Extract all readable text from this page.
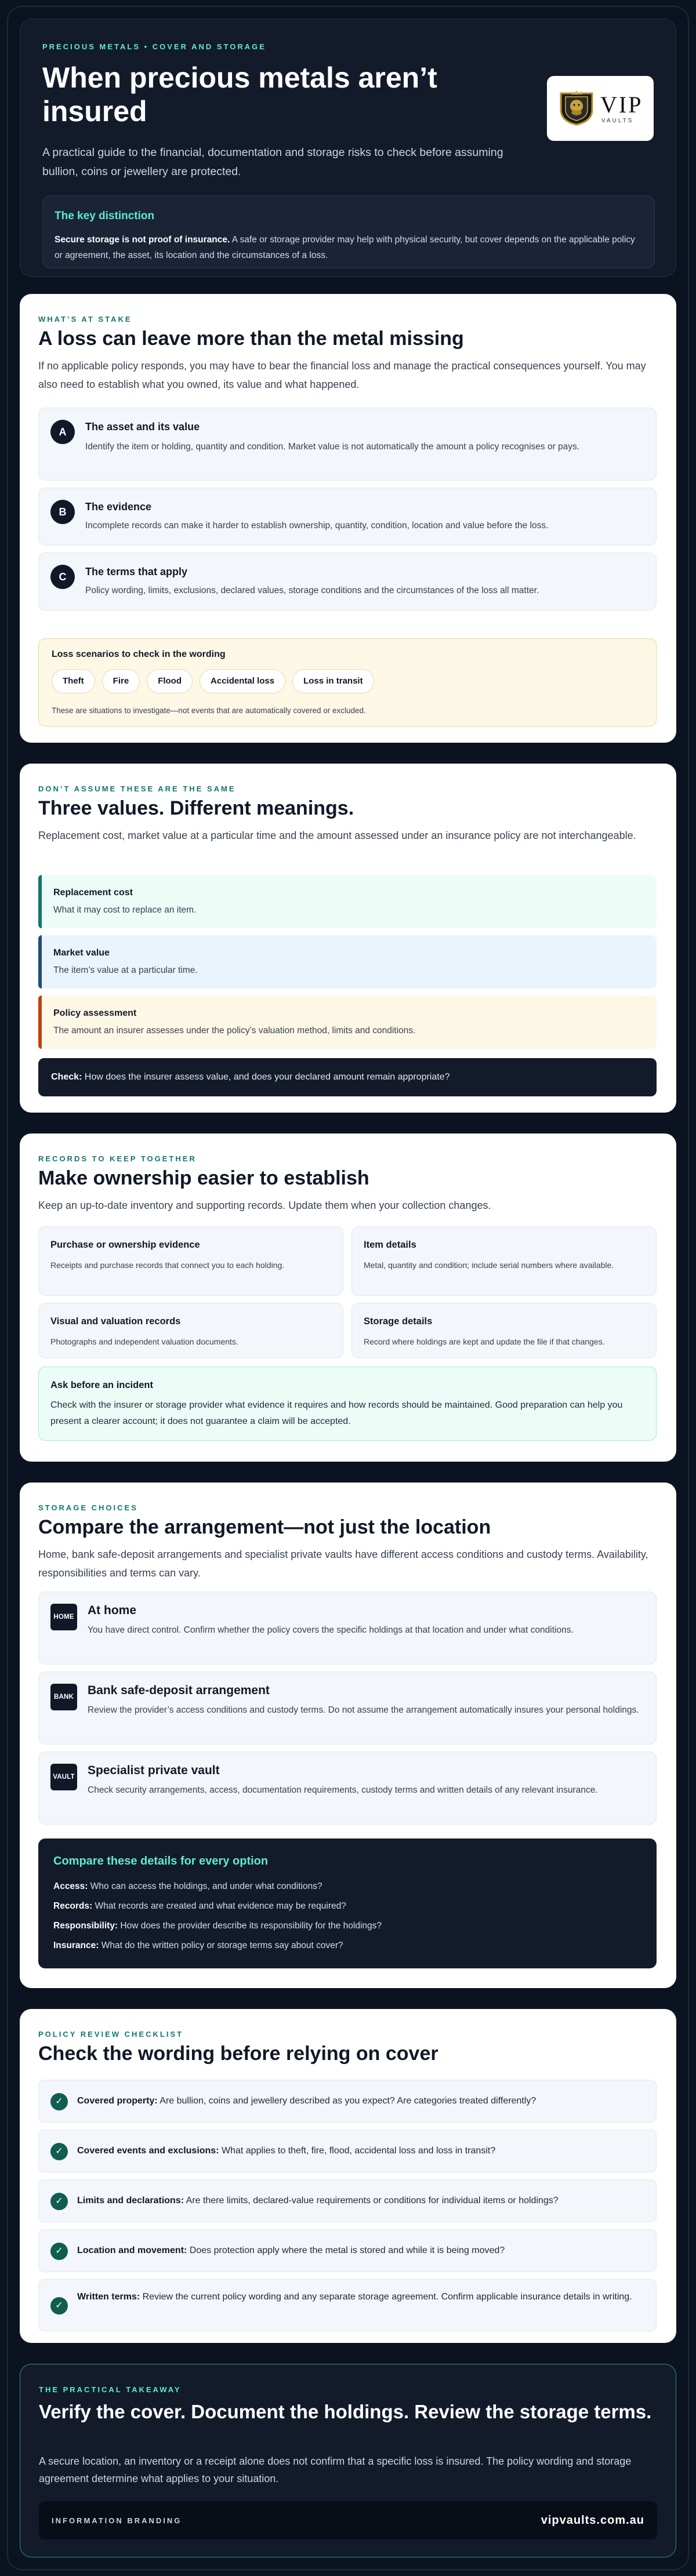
PRECIOUS METALS • COVER AND STORAGE
When precious metals aren’t insured

A practical guide to the financial, documentation and storage risks to check before assuming bullion, coins or jewellery are protected.

VIP
VAULTS
The key distinction

Secure storage is not proof of insurance. A safe or storage provider may help with physical security, but cover depends on the applicable policy or agreement, the asset, its location and the circumstances of a loss.

WHAT’S AT STAKE
A loss can leave more than the metal missing

If no applicable policy responds, you may have to bear the financial loss and manage the practical consequences yourself. You may also need to establish what you owned, its value and what happened.

A	The asset and its value

Identify the item or holding, quantity and condition. Market value is not automatically the amount a policy recognises or pays.

B	The evidence

Incomplete records can make it harder to establish ownership, quantity, condition, location and value before the loss.

C	The terms that apply

Policy wording, limits, exclusions, declared values, storage conditions and the circumstances of the loss all matter.

Loss scenarios to check in the wording
Theft	Fire	Flood	Accidental loss	Loss in transit
These are situations to investigate—not events that are automatically covered or excluded.
DON’T ASSUME THESE ARE THE SAME
Three values. Different meanings.

Replacement cost, market value at a particular time and the amount assessed under an insurance policy are not interchangeable.

Replacement cost
What it may cost to replace an item.
Market value
The item’s value at a particular time.
Policy assessment
The amount an insurer assesses under the policy’s valuation method, limits and conditions.
Check: How does the insurer assess value, and does your declared amount remain appropriate?
RECORDS TO KEEP TOGETHER
Make ownership easier to establish

Keep an up-to-date inventory and supporting records. Update them when your collection changes.

Purchase or ownership evidence

Receipts and purchase records that connect you to each holding.

Item details

Metal, quantity and condition; include serial numbers where available.

Visual and valuation records

Photographs and independent valuation documents.

Storage details

Record where holdings are kept and update the file if that changes.

Ask before an incident

Check with the insurer or storage provider what evidence it requires and how records should be maintained. Good preparation can help you present a clearer account; it does not guarantee a claim will be accepted.

STORAGE CHOICES
Compare the arrangement—not just the location

Home, bank safe-deposit arrangements and specialist private vaults have different access conditions and custody terms. Availability, responsibilities and terms can vary.

HOME At home

You have direct control. Confirm whether the policy covers the specific holdings at that location and under what conditions.

BANK Bank safe-deposit arrangement

Review the provider’s access conditions and custody terms. Do not assume the arrangement automatically insures your personal holdings.

VAULT Specialist private vault

Check security arrangements, access, documentation requirements, custody terms and written details of any relevant insurance.

Compare these details for every option
Access: Who can access the holdings, and under what conditions?
Records: What records are created and what evidence may be required?
Responsibility: How does the provider describe its responsibility for the holdings?
Insurance: What do the written policy or storage terms say about cover?
POLICY REVIEW CHECKLIST
Check the wording before relying on cover
✓	Covered property: Are bullion, coins and jewellery described as you expect? Are categories treated differently?

✓	Covered events and exclusions: What applies to theft, fire, flood, accidental loss and loss in transit?

✓	Limits and declarations: Are there limits, declared-value requirements or conditions for individual items or holdings?

✓	Location and movement: Does protection apply where the metal is stored and while it is being moved?

✓

Written terms: Review the current policy wording and any separate storage agreement. Confirm applicable insurance details in writing.

THE PRACTICAL TAKEAWAY
Verify the cover. Document the holdings. Review the storage terms.

A secure location, an inventory or a receipt alone does not confirm that a specific loss is insured. The policy wording and storage agreement determine what applies to your situation.

INFORMATION BRANDING	vipvaults.com.au
